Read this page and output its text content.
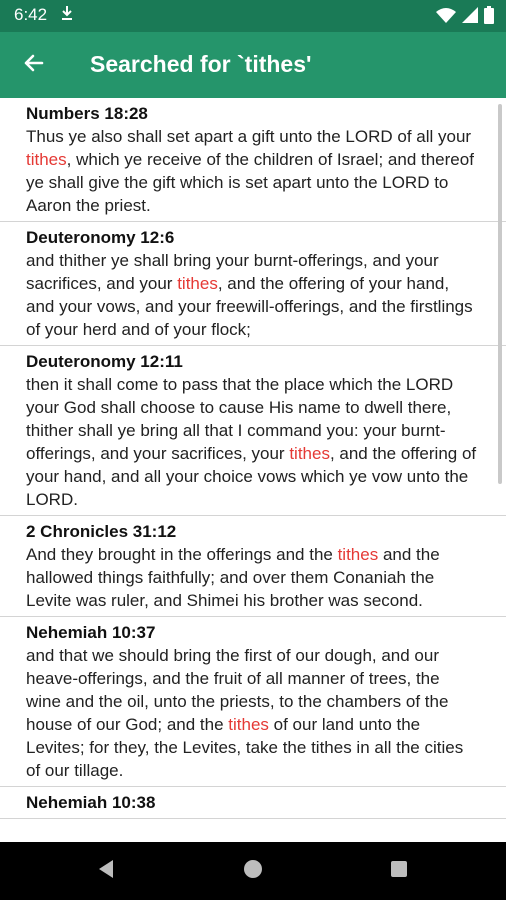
6:42
Searched for `tithes'
Numbers 18:28
Thus ye also shall set apart a gift unto the LORD of all your tithes, which ye receive of the children of Israel; and thereof ye shall give the gift which is set apart unto the LORD to Aaron the priest.
Deuteronomy 12:6
and thither ye shall bring your burnt-offerings, and your sacrifices, and your tithes, and the offering of your hand, and your vows, and your freewill-offerings, and the firstlings of your herd and of your flock;
Deuteronomy 12:11
then it shall come to pass that the place which the LORD your God shall choose to cause His name to dwell there, thither shall ye bring all that I command you: your burnt-offerings, and your sacrifices, your tithes, and the offering of your hand, and all your choice vows which ye vow unto the LORD.
2 Chronicles 31:12
And they brought in the offerings and the tithes and the hallowed things faithfully; and over them Conaniah the Levite was ruler, and Shimei his brother was second.
Nehemiah 10:37
and that we should bring the first of our dough, and our heave-offerings, and the fruit of all manner of trees, the wine and the oil, unto the priests, to the chambers of the house of our God; and the tithes of our land unto the Levites; for they, the Levites, take the tithes in all the cities of our tillage.
Nehemiah 10:38
